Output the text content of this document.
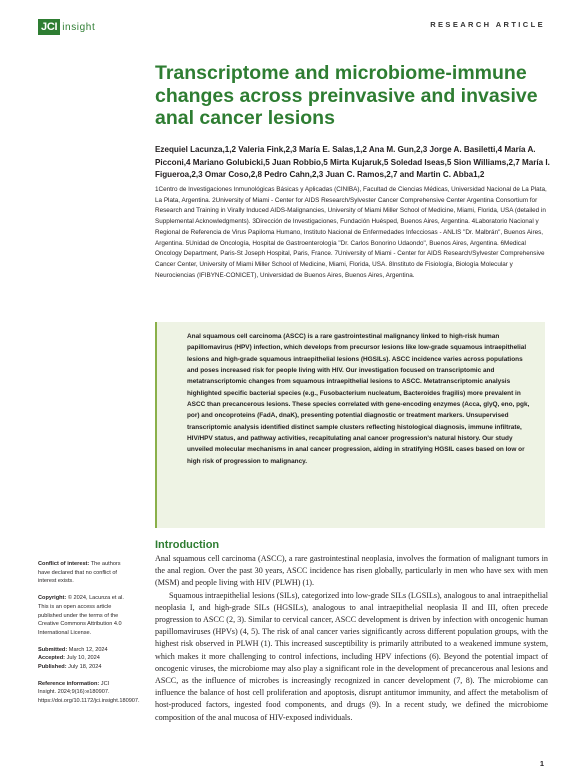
JCI insight	RESEARCH ARTICLE
Transcriptome and microbiome-immune changes across preinvasive and invasive anal cancer lesions
Ezequiel Lacunza,1,2 Valeria Fink,2,3 María E. Salas,1,2 Ana M. Gun,2,3 Jorge A. Basiletti,4 María A. Picconi,4 Mariano Golubicki,5 Juan Robbio,5 Mirta Kujaruk,5 Soledad Iseas,5 Sion Williams,2,7 María I. Figueroa,2,3 Omar Coso,2,8 Pedro Cahn,2,3 Juan C. Ramos,2,7 and Martin C. Abba1,2
1Centro de Investigaciones Inmunológicas Básicas y Aplicadas (CINIBA), Facultad de Ciencias Médicas, Universidad Nacional de La Plata, La Plata, Argentina. 2University of Miami - Center for AIDS Research/Sylvester Cancer Comprehensive Center Argentina Consortium for Research and Training in Virally Induced AIDS-Malignancies, University of Miami Miller School of Medicine, Miami, Florida, USA (detailed in Supplemental Acknowledgments). 3Dirección de Investigaciones, Fundación Huésped, Buenos Aires, Argentina. 4Laboratorio Nacional y Regional de Referencia de Virus Papiloma Humano, Instituto Nacional de Enfermedades Infecciosas - ANLIS "Dr. Malbrán", Buenos Aires, Argentina. 5Unidad de Oncología, Hospital de Gastroenterología "Dr. Carlos Bonorino Udaondo", Buenos Aires, Argentina. 6Medical Oncology Department, Paris-St Joseph Hospital, Paris, France. 7University of Miami - Center for AIDS Research/Sylvester Comprehensive Cancer Center, University of Miami Miller School of Medicine, Miami, Florida, USA. 8Instituto de Fisiología, Biología Molecular y Neurociencias (IFIBYNE-CONICET), Universidad de Buenos Aires, Buenos Aires, Argentina.
Anal squamous cell carcinoma (ASCC) is a rare gastrointestinal malignancy linked to high-risk human papillomavirus (HPV) infection, which develops from precursor lesions like low-grade squamous intraepithelial lesions and high-grade squamous intraepithelial lesions (HGSILs). ASCC incidence varies across populations and poses increased risk for people living with HIV. Our investigation focused on transcriptomic and metatranscriptomic changes from squamous intraepithelial lesions to ASCC. Metatranscriptomic analysis highlighted specific bacterial species (e.g., Fusobacterium nucleatum, Bacteroides fragilis) more prevalent in ASCC than precancerous lesions. These species correlated with gene-encoding enzymes (Acca, glyQ, eno, pgk, por) and oncoproteins (FadA, dnaK), presenting potential diagnostic or treatment markers. Unsupervised transcriptomic analysis identified distinct sample clusters reflecting histological diagnosis, immune infiltrate, HIV/HPV status, and pathway activities, recapitulating anal cancer progression's natural history. Our study unveiled molecular mechanisms in anal cancer progression, aiding in stratifying HGSIL cases based on low or high risk of progression to malignancy.
Conflict of interest: The authors have declared that no conflict of interest exists.
Copyright: © 2024, Lacunza et al. This is an open access article published under the terms of the Creative Commons Attribution 4.0 International License.
Submitted: March 12, 2024
Accepted: July 10, 2024
Published: July 18, 2024
Reference information: JCI Insight. 2024;9(16):e180907. https://doi.org/10.1172/jci.insight.180907.
Introduction

Anal squamous cell carcinoma (ASCC), a rare gastrointestinal neoplasia, involves the formation of malignant tumors in the anal region. Over the past 30 years, ASCC incidence has risen globally, particularly in men who have sex with men (MSM) and people living with HIV (PLWH) (1).

Squamous intraepithelial lesions (SILs), categorized into low-grade SILs (LGSILs), analogous to anal intraepithelial neoplasia I, and high-grade SILs (HGSILs), analogous to anal intraepithelial neoplasia II and III, often precede progression to ASCC (2, 3). Similar to cervical cancer, ASCC development is driven by infection with oncogenic human papillomaviruses (HPVs) (4, 5). The risk of anal cancer varies significantly across different population groups, with the highest risk observed in PLWH (1). This increased susceptibility is primarily attributed to a weakened immune system, which makes it more challenging to control infections, including HPV infections (6). Beyond the potential impact of oncogenic viruses, the microbiome may also play a significant role in the development of precancerous anal lesions and ASCC, as the influence of microbes is increasingly recognized in cancer development (7, 8). The microbiome can influence the balance of host cell proliferation and apoptosis, disrupt antitumor immunity, and affect the metabolism of host-produced factors, ingested food components, and drugs (9). In a recent study, we defined the microbiome composition of the anal mucosa of HIV-exposed individuals.

1
